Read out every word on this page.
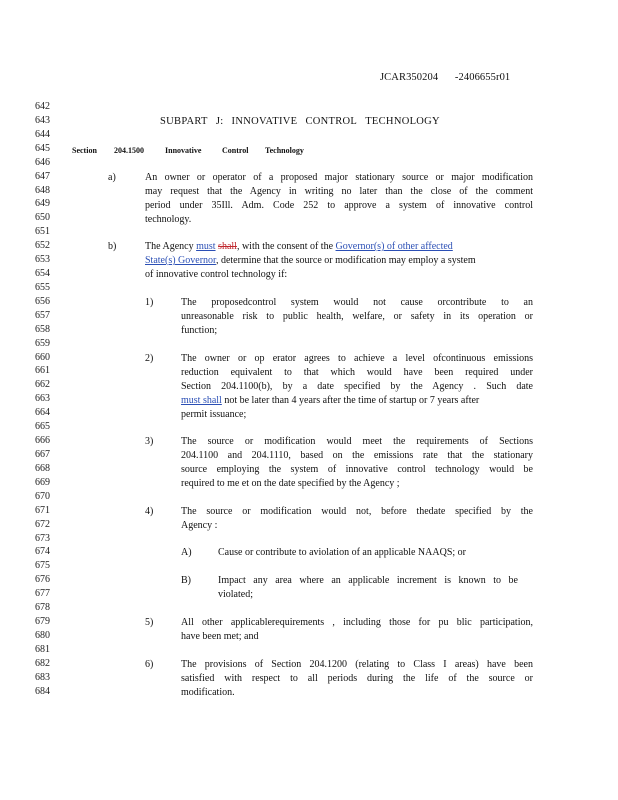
JCAR350204 -2406655r01
642
643
644
645
646
647
648
649
650
651
652
653
654
655
656
657
658
659
660
661
662
663
664
665
666
667
668
669
670
671
672
673
674
675
676
677
678
679
680
681
682
683
684
SUBPART J: INNOVATIVE CONTROL TECHNOLOGY
Section 204.1500	Innovative	Control Technology
a)	An owner or operator of a proposed major stationary source or major modification
may request that the Agency in writing no later than the close of the comment
period under 35Ill. Adm. Code 252 to approve a system of innovative control
technology.
b)	The Agency must shall, with the consent of the Governor(s) of other affected
State(s) Governor, determine that the source or modification may employ a system
of innovative control technology if:
1)	The proposedcontrol system would not cause orcontribute to an
unreasonable risk to public health, welfare, or safety in its operation or
function;
2)	The owner or op erator agrees to achieve a level ofcontinuous emissions
reduction equivalent to that which would have been required under
Section 204.1100(b), by a date specified by the Agency . Such date
must shall not be later than 4 years after the time of startup or 7 years after
permit issuance;
3)	The source or modification would meet the requirements of Sections
204.1100 and 204.1110, based on the emissions rate that the stationary
source employing the system of innovative control technology would be
required to me et on the date specified by the Agency ;
4)	The source or modification would not, before thedate specified by the
Agency :
5)	All other applicablerequirements , including those for pu blic participation,
have been met; and
6)	The provisions of Section 204.1200 (relating to Class I areas) have been
satisfied with respect to all periods during the life of the source or
modification.
A)	Cause or contribute to aviolation of an applicable NAAQS; or
B)	Impact any area where an applicable increment is known to be
violated;
